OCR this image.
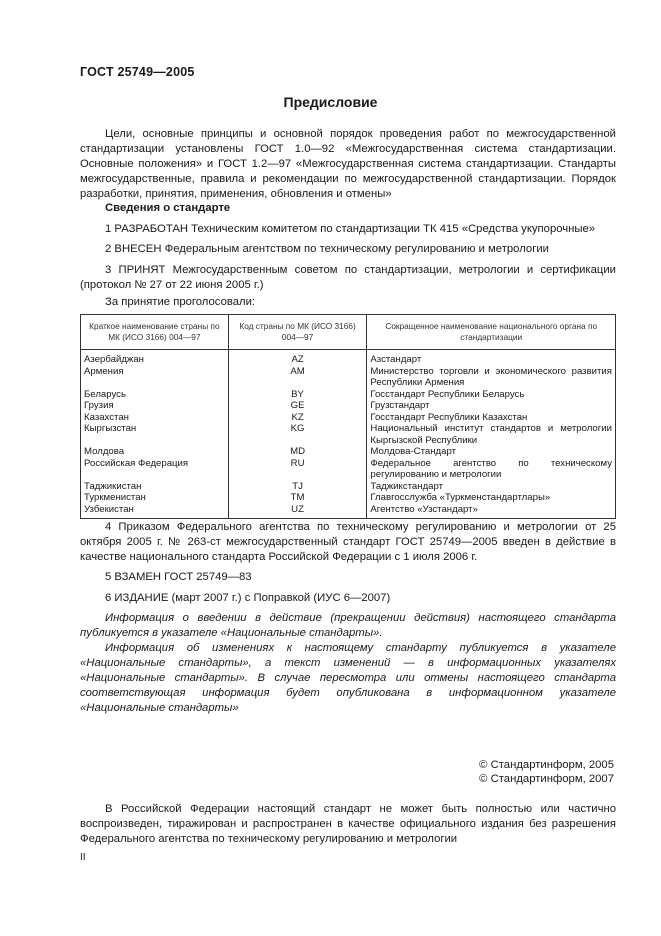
ГОСТ 25749—2005
Предисловие

Цели, основные принципы и основной порядок проведения работ по межгосударственной стандартизации установлены ГОСТ 1.0—92 «Межгосударственная система стандартизации. Основные положения» и ГОСТ 1.2—97 «Межгосударственная система стандартизации. Стандарты межгосударственные, правила и рекомендации по межгосударственной стандартизации. Порядок разработки, принятия, применения, обновления и отмены»

Сведения о стандарте

1 РАЗРАБОТАН Техническим комитетом по стандартизации ТК 415 «Средства укупорочные»

2 ВНЕСЕН Федеральным агентством по техническому регулированию и метрологии

3 ПРИНЯТ Межгосударственным советом по стандартизации, метрологии и сертификации (протокол № 27 от 22 июня 2005 г.)

За принятие проголосовали:

Краткое наименование страны по МК (ИСО 3166) 004—97	Код страны по МК (ИСО 3166) 004—97	Сокращенное наименование национального органа по стандартизации
Азербайджан	AZ	Азстандарт
Армения	AM	Министерство торговли и экономического развития Республики Армения
Беларусь	BY	Госстандарт Республики Беларусь
Грузия	GE	Грузстандарт
Казахстан	KZ	Госстандарт Республики Казахстан
Кыргызстан	KG	Национальный институт стандартов и метрологии Кыргызской Республики
Молдова	MD	Молдова-Стандарт
Российская Федерация	RU	Федеральное агентство по техническому регулированию и метрологии
Таджикистан	TJ	Таджикстандарт
Туркменистан	TM	Главгосслужба «Туркменстандартлары»
Узбекистан	UZ	Агентство «Узстандарт»

4 Приказом Федерального агентства по техническому регулированию и метрологии от 25 октября 2005 г. № 263-ст межгосударственный стандарт ГОСТ 25749—2005 введен в действие в качестве национального стандарта Российской Федерации с 1 июля 2006 г.

5 ВЗАМЕН ГОСТ 25749—83

6 ИЗДАНИЕ (март 2007 г.) с Поправкой (ИУС 6—2007)

Информация о введении в действие (прекращении действия) настоящего стандарта публикуется в указателе «Национальные стандарты».

Информация об изменениях к настоящему стандарту публикуется в указателе «Национальные стандарты», а текст изменений — в информационных указателях «Национальные стандарты». В случае пересмотра или отмены настоящего стандарта соответствующая информация будет опубликована в информационном указателе «Национальные стандарты»

© Стандартинформ, 2005
© Стандартинформ, 2007

В Российской Федерации настоящий стандарт не может быть полностью или частично воспроизведен, тиражирован и распространен в качестве официального издания без разрешения Федерального агентства по техническому регулированию и метрологии

II
